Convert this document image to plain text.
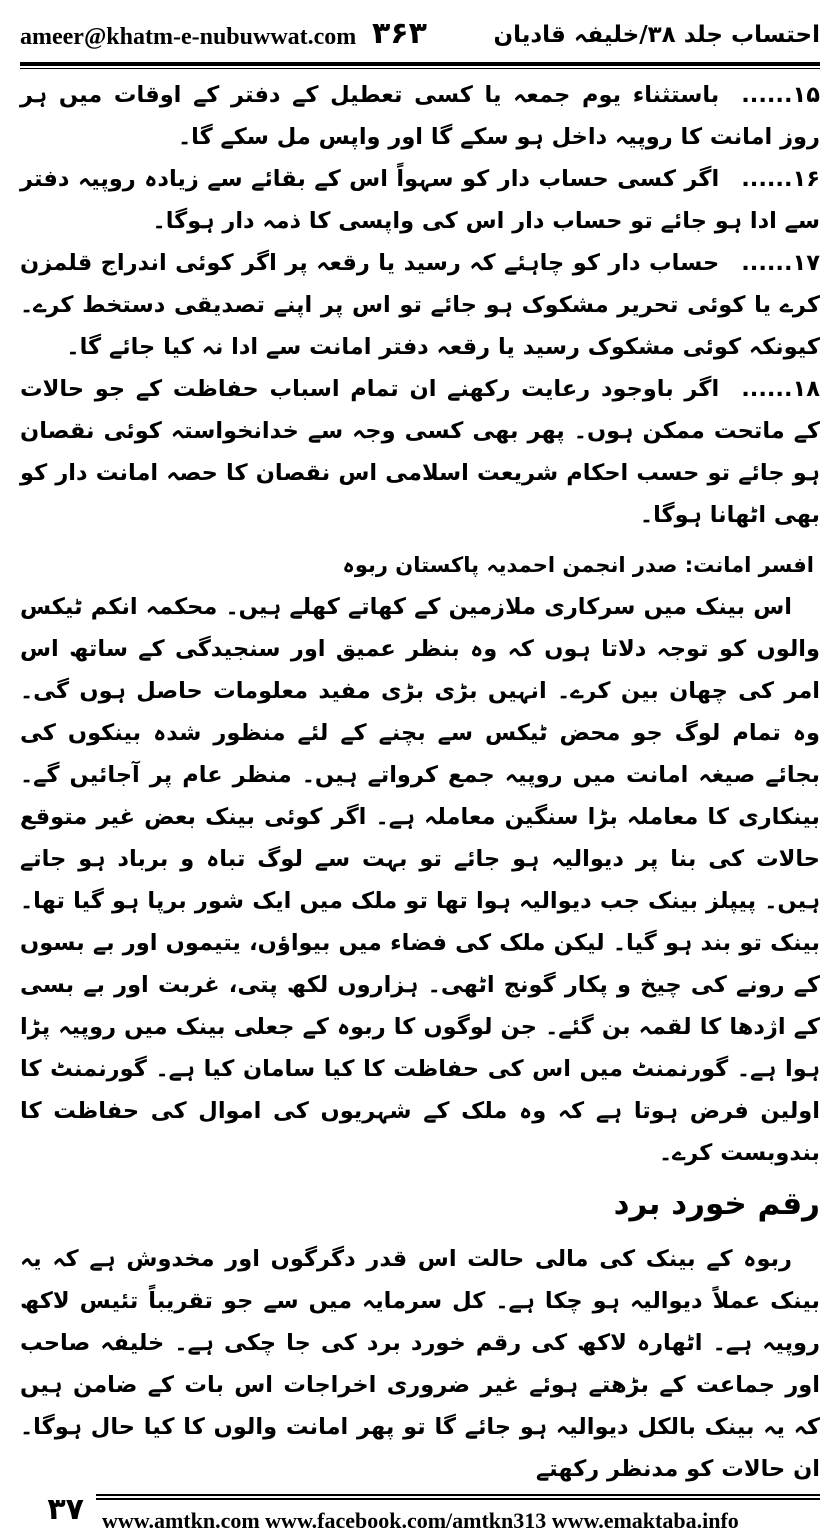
ameer@khatm-e-nubuwwat.com ۳۶۳	احتساب جلد ۳۸/خلیفہ قادیان

۱۵......باستثناء یوم جمعہ یا کسی تعطیل کے دفتر کے اوقات میں ہر روز امانت کا روپیہ داخل ہو سکے گا اور واپس مل سکے گا۔

۱۶......اگر کسی حساب دار کو سہواً اس کے بقائے سے زیادہ روپیہ دفتر سے ادا ہو جائے تو حساب دار اس کی واپسی کا ذمہ دار ہوگا۔

۱۷......حساب دار کو چاہئے کہ رسید یا رقعہ پر اگر کوئی اندراج قلمزن کرے یا کوئی تحریر مشکوک ہو جائے تو اس پر اپنے تصدیقی دستخط کرے۔ کیونکہ کوئی مشکوک رسید یا رقعہ دفتر امانت سے ادا نہ کیا جائے گا۔

۱۸......اگر باوجود رعایت رکھنے ان تمام اسباب حفاظت کے جو حالات کے ماتحت ممکن ہوں۔ پھر بھی کسی وجہ سے خدانخواستہ کوئی نقصان ہو جائے تو حسب احکام شریعت اسلامی اس نقصان کا حصہ امانت دار کو بھی اٹھانا ہوگا۔

افسر امانت: صدر انجمن احمدیہ پاکستان ربوہ

اس بینک میں سرکاری ملازمین کے کھاتے کھلے ہیں۔ محکمہ انکم ٹیکس والوں کو توجہ دلاتا ہوں کہ وہ بنظر عمیق اور سنجیدگی کے ساتھ اس امر کی چھان بین کرے۔ انہیں بڑی بڑی مفید معلومات حاصل ہوں گی۔ وہ تمام لوگ جو محض ٹیکس سے بچنے کے لئے منظور شدہ بینکوں کی بجائے صیغہ امانت میں روپیہ جمع کرواتے ہیں۔ منظر عام پر آجائیں گے۔ بینکاری کا معاملہ بڑا سنگین معاملہ ہے۔ اگر کوئی بینک بعض غیر متوقع حالات کی بنا پر دیوالیہ ہو جائے تو بہت سے لوگ تباہ و برباد ہو جاتے ہیں۔ پیپلز بینک جب دیوالیہ ہوا تھا تو ملک میں ایک شور برپا ہو گیا تھا۔ بینک تو بند ہو گیا۔ لیکن ملک کی فضاء میں بیواؤں، یتیموں اور بے بسوں کے رونے کی چیخ و پکار گونج اٹھی۔ ہزاروں لکھ پتی، غربت اور بے بسی کے اژدھا کا لقمہ بن گئے۔ جن لوگوں کا ربوہ کے جعلی بینک میں روپیہ پڑا ہوا ہے۔ گورنمنٹ میں اس کی حفاظت کا کیا سامان کیا ہے۔ گورنمنٹ کا اولین فرض ہوتا ہے کہ وہ ملک کے شہریوں کی اموال کی حفاظت کا بندوبست کرے۔

رقم خورد برد

ربوہ کے بینک کی مالی حالت اس قدر دگرگوں اور مخدوش ہے کہ یہ بینک عملاً دیوالیہ ہو چکا ہے۔ کل سرمایہ میں سے جو تقریباً تئیس لاکھ روپیہ ہے۔ اٹھارہ لاکھ کی رقم خورد برد کی جا چکی ہے۔ خلیفہ صاحب اور جماعت کے بڑھتے ہوئے غیر ضروری اخراجات اس بات کے ضامن ہیں کہ یہ بینک بالکل دیوالیہ ہو جائے گا تو پھر امانت والوں کا کیا حال ہوگا۔ ان حالات کو مدنظر رکھتے

۳۷ www.amtkn.com www.facebook.com/amtkn313 www.emaktaba.info
